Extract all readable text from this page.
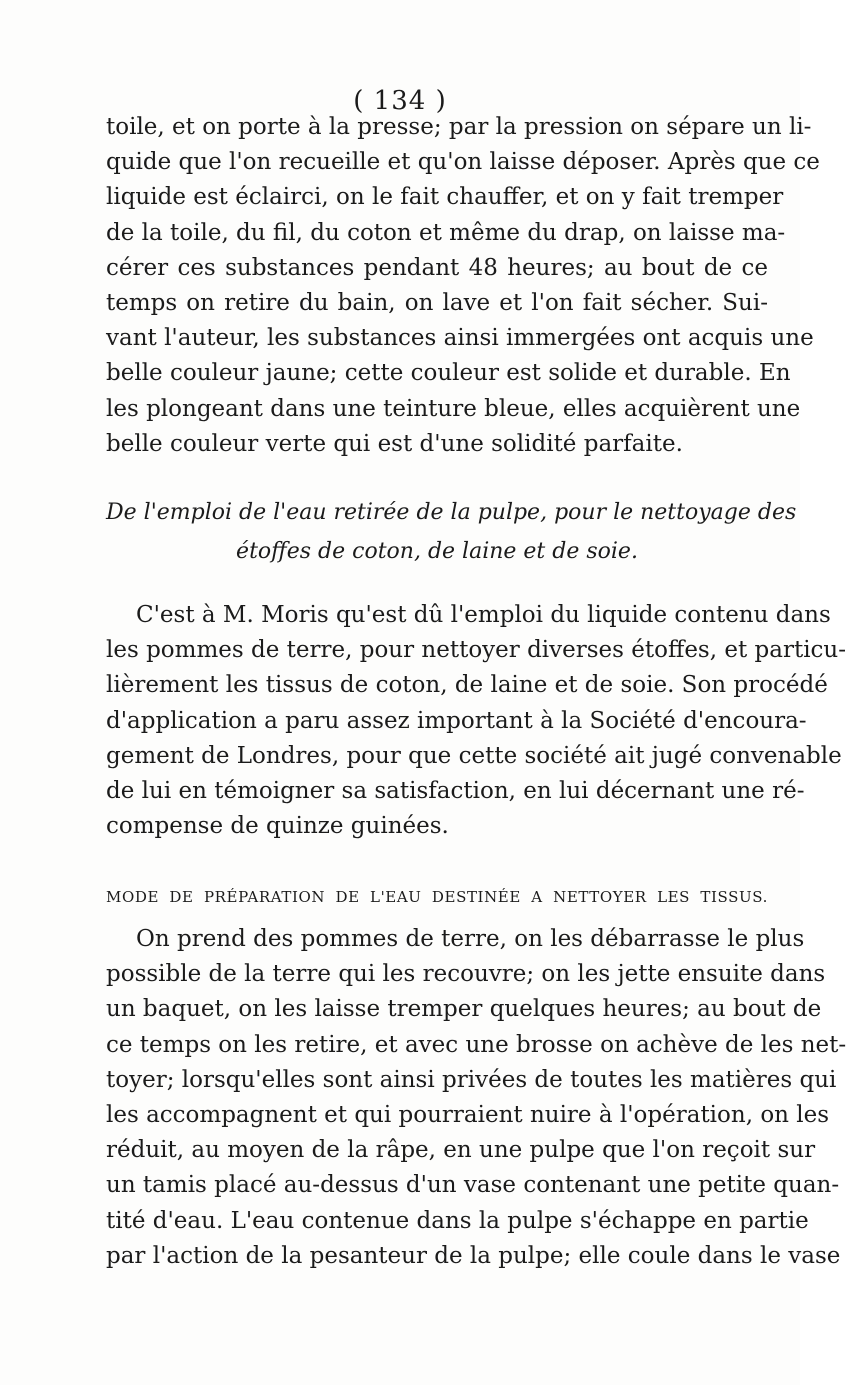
( 134 )
toile, et on porte à la presse; par la pression on sépare un li-
quide que l'on recueille et qu'on laisse déposer. Après que ce
liquide est éclairci, on le fait chauffer, et on y fait tremper
de la toile, du fil, du coton et même du drap, on laisse ma-
cérer ces substances pendant 48 heures; au bout de ce
temps on retire du bain, on lave et l'on fait sécher. Sui-
vant l'auteur, les substances ainsi immergées ont acquis une
belle couleur jaune; cette couleur est solide et durable. En
les plongeant dans une teinture bleue, elles acquièrent une
belle couleur verte qui est d'une solidité parfaite.
De l'emploi de l'eau retirée de la pulpe, pour le nettoyage des
étoffes de coton, de laine et de soie.
C'est à M. Moris qu'est dû l'emploi du liquide contenu dans
les pommes de terre, pour nettoyer diverses étoffes, et particu-
lièrement les tissus de coton, de laine et de soie. Son procédé
d'application a paru assez important à la Société d'encoura-
gement de Londres, pour que cette société ait jugé convenable
de lui en témoigner sa satisfaction, en lui décernant une ré-
compense de quinze guinées.
MODE DE PRÉPARATION DE L'EAU DESTINÉE A NETTOYER LES TISSUS.
On prend des pommes de terre, on les débarrasse le plus
possible de la terre qui les recouvre; on les jette ensuite dans
un baquet, on les laisse tremper quelques heures; au bout de
ce temps on les retire, et avec une brosse on achève de les net-
toyer; lorsqu'elles sont ainsi privées de toutes les matières qui
les accompagnent et qui pourraient nuire à l'opération, on les
réduit, au moyen de la râpe, en une pulpe que l'on reçoit sur
un tamis placé au-dessus d'un vase contenant une petite quan-
tité d'eau. L'eau contenue dans la pulpe s'échappe en partie
par l'action de la pesanteur de la pulpe; elle coule dans le vase
